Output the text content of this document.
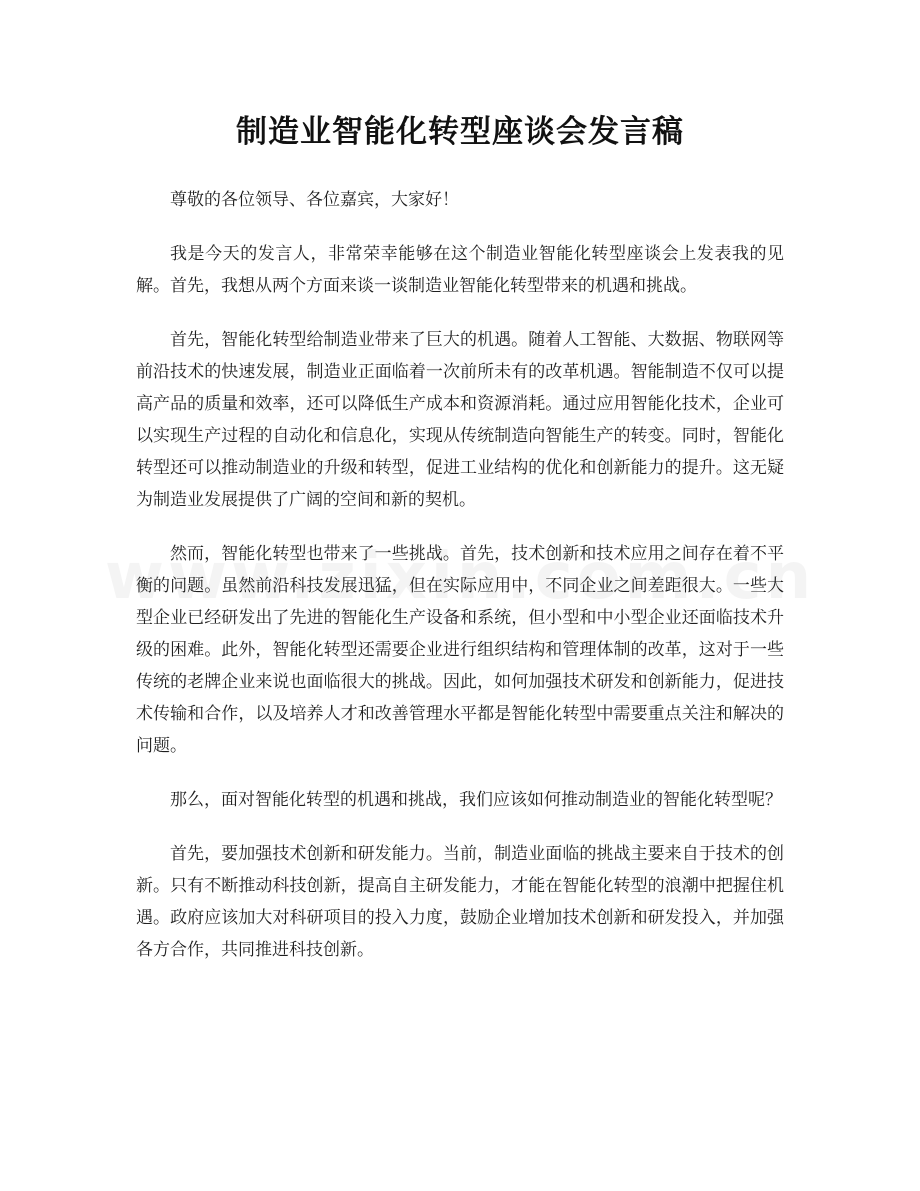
制造业智能化转型座谈会发言稿

尊敬的各位领导、各位嘉宾，大家好！

我是今天的发言人，非常荣幸能够在这个制造业智能化转型座谈会上发表我的见解。首先，我想从两个方面来谈一谈制造业智能化转型带来的机遇和挑战。

首先，智能化转型给制造业带来了巨大的机遇。随着人工智能、大数据、物联网等前沿技术的快速发展，制造业正面临着一次前所未有的改革机遇。智能制造不仅可以提高产品的质量和效率，还可以降低生产成本和资源消耗。通过应用智能化技术，企业可以实现生产过程的自动化和信息化，实现从传统制造向智能生产的转变。同时，智能化转型还可以推动制造业的升级和转型，促进工业结构的优化和创新能力的提升。这无疑为制造业发展提供了广阔的空间和新的契机。

然而，智能化转型也带来了一些挑战。首先，技术创新和技术应用之间存在着不平衡的问题。虽然前沿科技发展迅猛，但在实际应用中，不同企业之间差距很大。一些大型企业已经研发出了先进的智能化生产设备和系统，但小型和中小型企业还面临技术升级的困难。此外，智能化转型还需要企业进行组织结构和管理体制的改革，这对于一些传统的老牌企业来说也面临很大的挑战。因此，如何加强技术研发和创新能力，促进技术传输和合作，以及培养人才和改善管理水平都是智能化转型中需要重点关注和解决的问题。

那么，面对智能化转型的机遇和挑战，我们应该如何推动制造业的智能化转型呢？

首先，要加强技术创新和研发能力。当前，制造业面临的挑战主要来自于技术的创新。只有不断推动科技创新，提高自主研发能力，才能在智能化转型的浪潮中把握住机遇。政府应该加大对科研项目的投入力度，鼓励企业增加技术创新和研发投入，并加强各方合作，共同推进科技创新。
